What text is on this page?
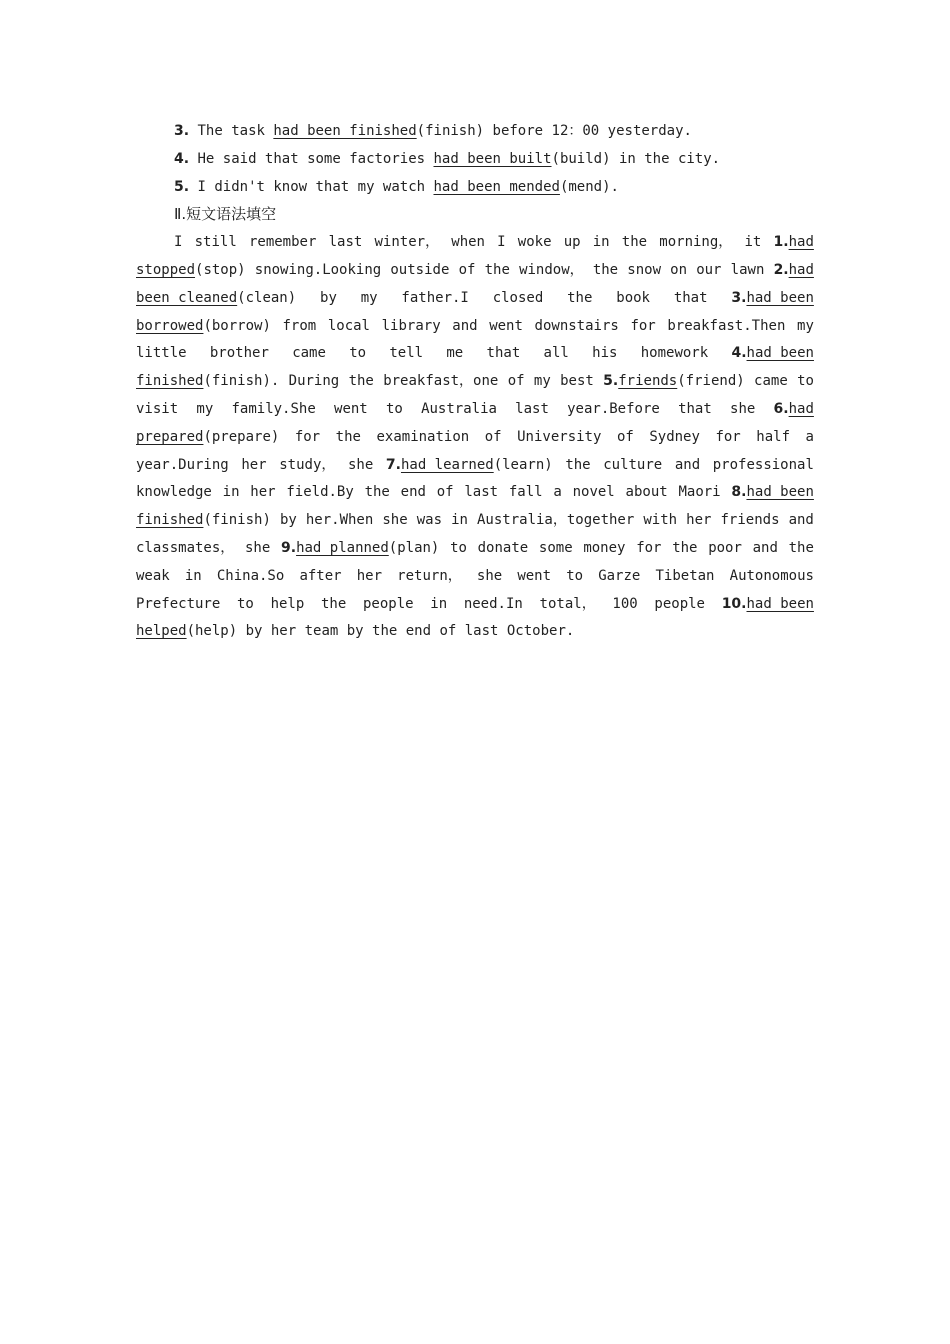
3. The task had been finished(finish) before 12：00 yesterday.
4. He said that some factories had been built(build) in the city.
5. I didn't know that my watch had been mended(mend).
Ⅱ.短文语法填空
I still remember last winter， when I woke up in the morning， it 1.had
stopped(stop) snowing.Looking outside of the window， the snow on our lawn 2.had
been cleaned(clean) by my father.I closed the book that 3.had been
borrowed(borrow) from local library and went downstairs for breakfast.Then my
little brother came to tell me that all his homework 4.had been
finished(finish). During the breakfast，one of my best 5.friends(friend) came to
visit my family.She went to Australia last year.Before that she 6.had
prepared(prepare) for the examination of University of Sydney for half a
year.During her study， she 7.had learned(learn) the culture and professional
knowledge in her field.By the end of last fall a novel about Maori 8.had been
finished(finish) by her.When she was in Australia，together with her friends and
classmates， she 9.had planned(plan) to donate some money for the poor and the
weak in China.So after her return， she went to Garze Tibetan Autonomous
Prefecture to help the people in need.In total， 100 people 10.had been
helped(help) by her team by the end of last October.
